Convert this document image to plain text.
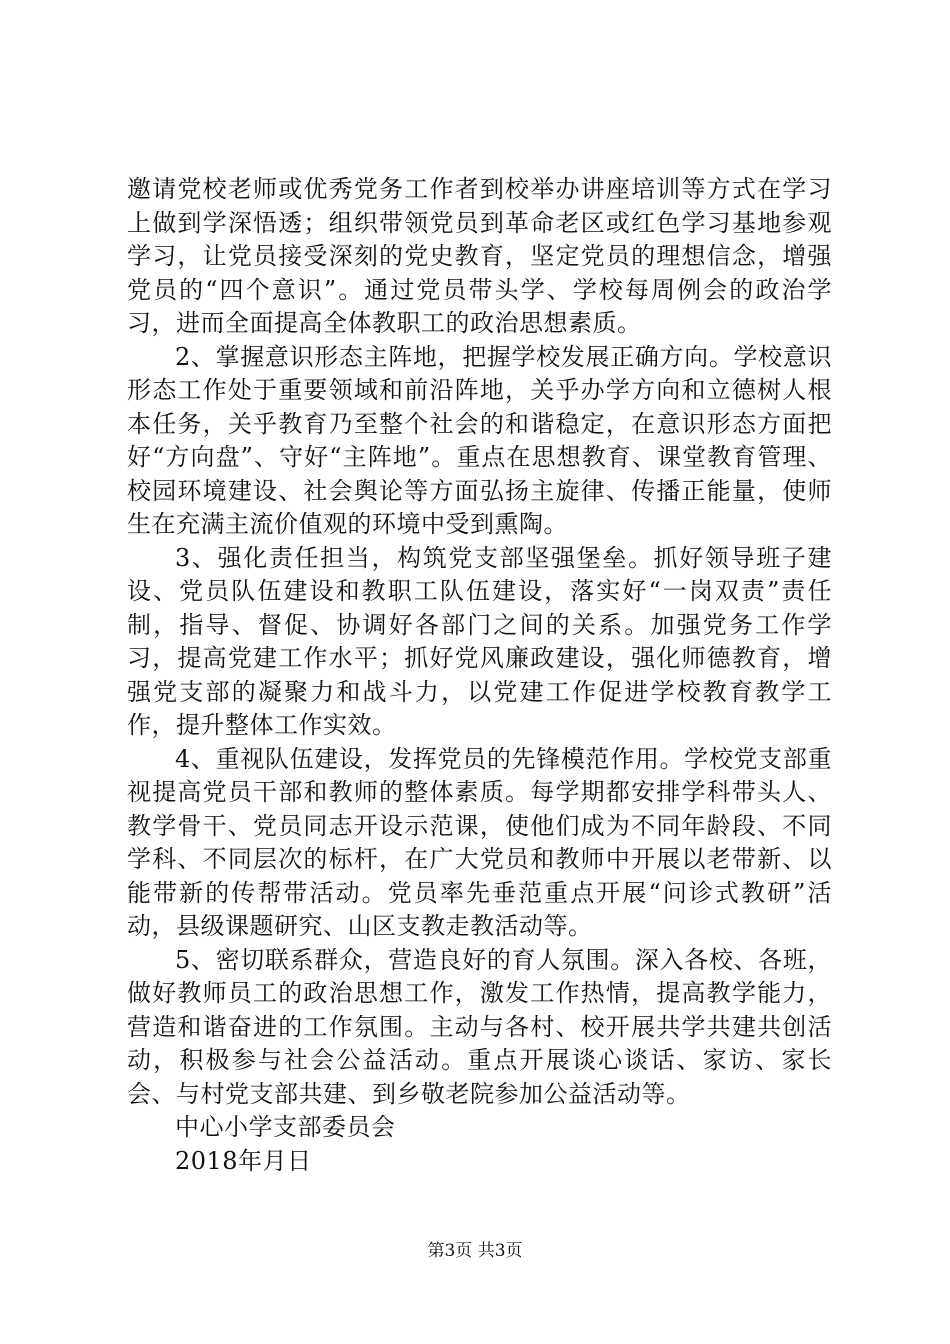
邀请党校老师或优秀党务工作者到校举办讲座培训等方式在学习上做到学深悟透；组织带领党员到革命老区或红色学习基地参观学习，让党员接受深刻的党史教育，坚定党员的理想信念，增强党员的“四个意识”。通过党员带头学、学校每周例会的政治学习，进而全面提高全体教职工的政治思想素质。

2、掌握意识形态主阵地，把握学校发展正确方向。学校意识形态工作处于重要领域和前沿阵地，关乎办学方向和立德树人根本任务，关乎教育乃至整个社会的和谐稳定，在意识形态方面把好“方向盘”、守好“主阵地”。重点在思想教育、课堂教育管理、校园环境建设、社会舆论等方面弘扬主旋律、传播正能量，使师生在充满主流价值观的环境中受到熏陶。

3、强化责任担当，构筑党支部坚强堡垒。抓好领导班子建设、党员队伍建设和教职工队伍建设，落实好“一岗双责”责任制，指导、督促、协调好各部门之间的关系。加强党务工作学习，提高党建工作水平；抓好党风廉政建设，强化师德教育，增强党支部的凝聚力和战斗力，以党建工作促进学校教育教学工作，提升整体工作实效。

4、重视队伍建设，发挥党员的先锋模范作用。学校党支部重视提高党员干部和教师的整体素质。每学期都安排学科带头人、教学骨干、党员同志开设示范课，使他们成为不同年龄段、不同学科、不同层次的标杆，在广大党员和教师中开展以老带新、以能带新的传帮带活动。党员率先垂范重点开展“问诊式教研”活动，县级课题研究、山区支教走教活动等。

5、密切联系群众，营造良好的育人氛围。深入各校、各班，做好教师员工的政治思想工作，激发工作热情，提高教学能力，营造和谐奋进的工作氛围。主动与各村、校开展共学共建共创活动，积极参与社会公益活动。重点开展谈心谈话、家访、家长会、与村党支部共建、到乡敬老院参加公益活动等。

中心小学支部委员会

2018年月日

第3页 共3页
